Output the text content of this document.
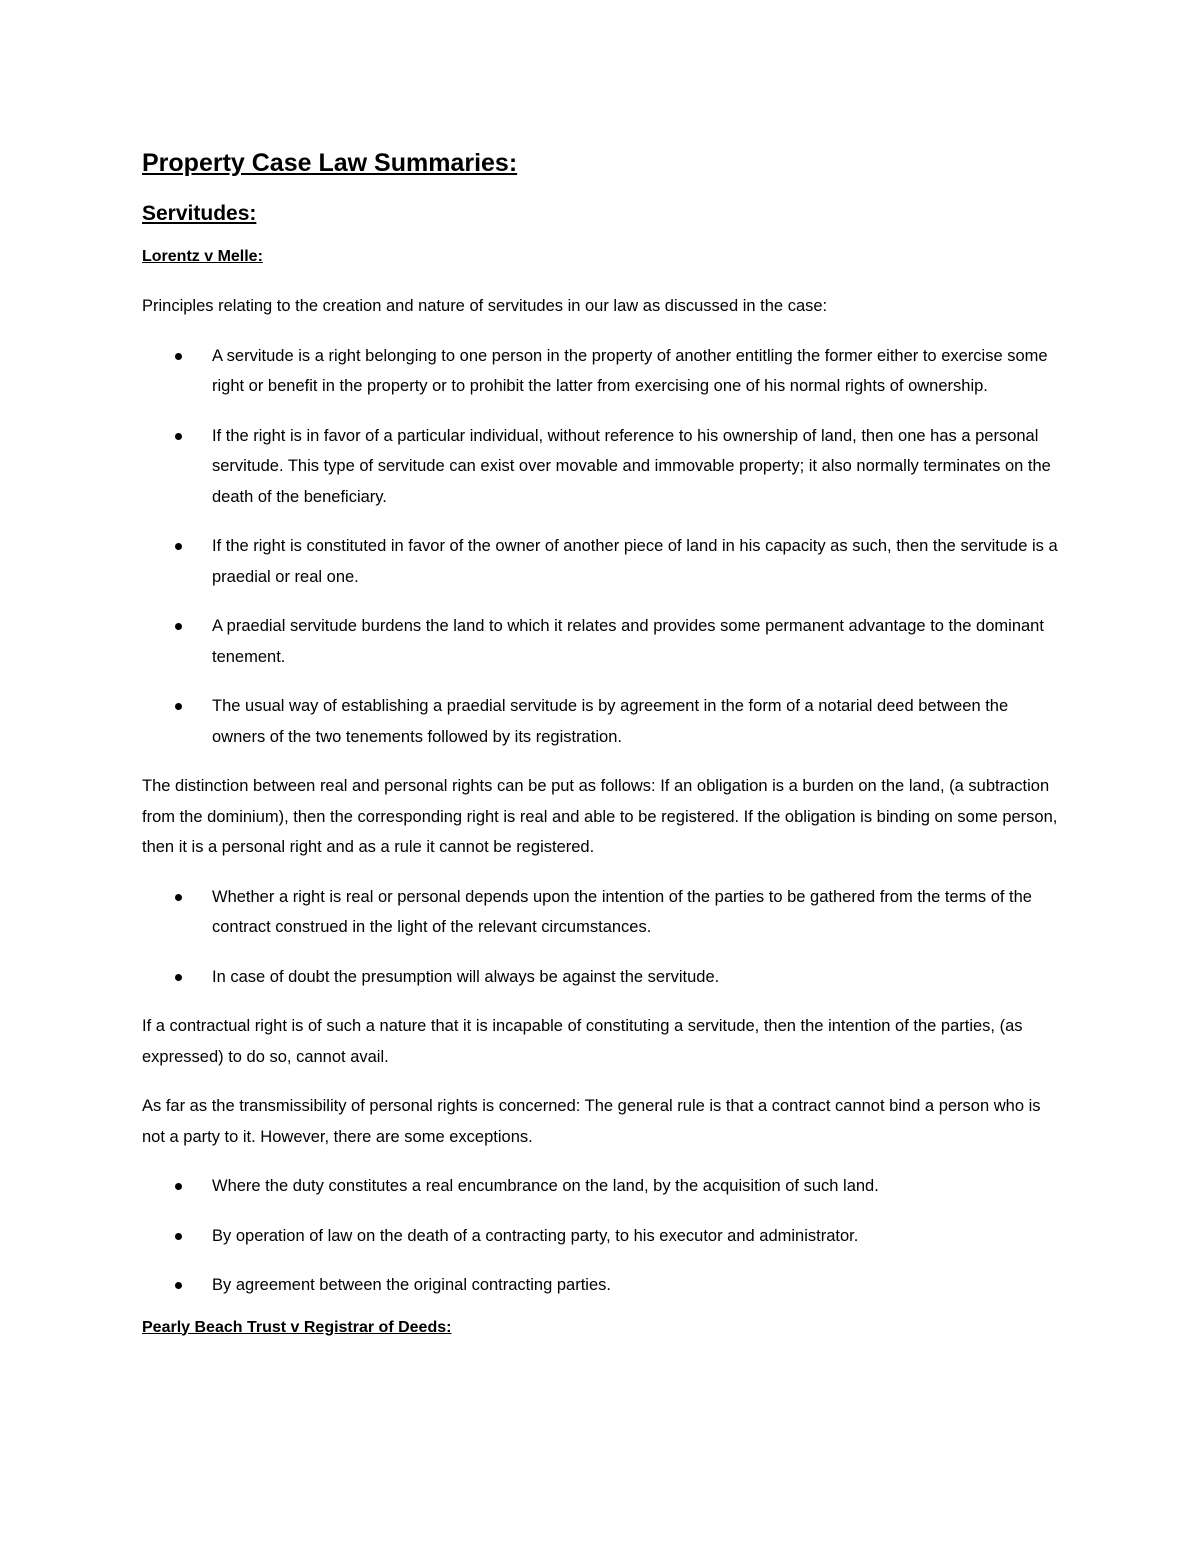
Property Case Law Summaries:
Servitudes:
Lorentz v Melle:

Principles relating to the creation and nature of servitudes in our law as discussed in the case:

A servitude is a right belonging to one person in the property of another entitling the former either to exercise some right or benefit in the property or to prohibit the latter from exercising one of his normal rights of ownership.
If the right is in favor of a particular individual, without reference to his ownership of land, then one has a personal servitude. This type of servitude can exist over movable and immovable property; it also normally terminates on the death of the beneficiary.
If the right is constituted in favor of the owner of another piece of land in his capacity as such, then the servitude is a praedial or real one.
A praedial servitude burdens the land to which it relates and provides some permanent advantage to the dominant tenement.
The usual way of establishing a praedial servitude is by agreement in the form of a notarial deed between the owners of the two tenements followed by its registration.

The distinction between real and personal rights can be put as follows: If an obligation is a burden on the land, (a subtraction from the dominium), then the corresponding right is real and able to be registered. If the obligation is binding on some person, then it is a personal right and as a rule it cannot be registered.

Whether a right is real or personal depends upon the intention of the parties to be gathered from the terms of the contract construed in the light of the relevant circumstances.
In case of doubt the presumption will always be against the servitude.

If a contractual right is of such a nature that it is incapable of constituting a servitude, then the intention of the parties, (as expressed) to do so, cannot avail.

As far as the transmissibility of personal rights is concerned: The general rule is that a contract cannot bind a person who is not a party to it. However, there are some exceptions.

Where the duty constitutes a real encumbrance on the land, by the acquisition of such land.
By operation of law on the death of a contracting party, to his executor and administrator.
By agreement between the original contracting parties.
Pearly Beach Trust v Registrar of Deeds:
